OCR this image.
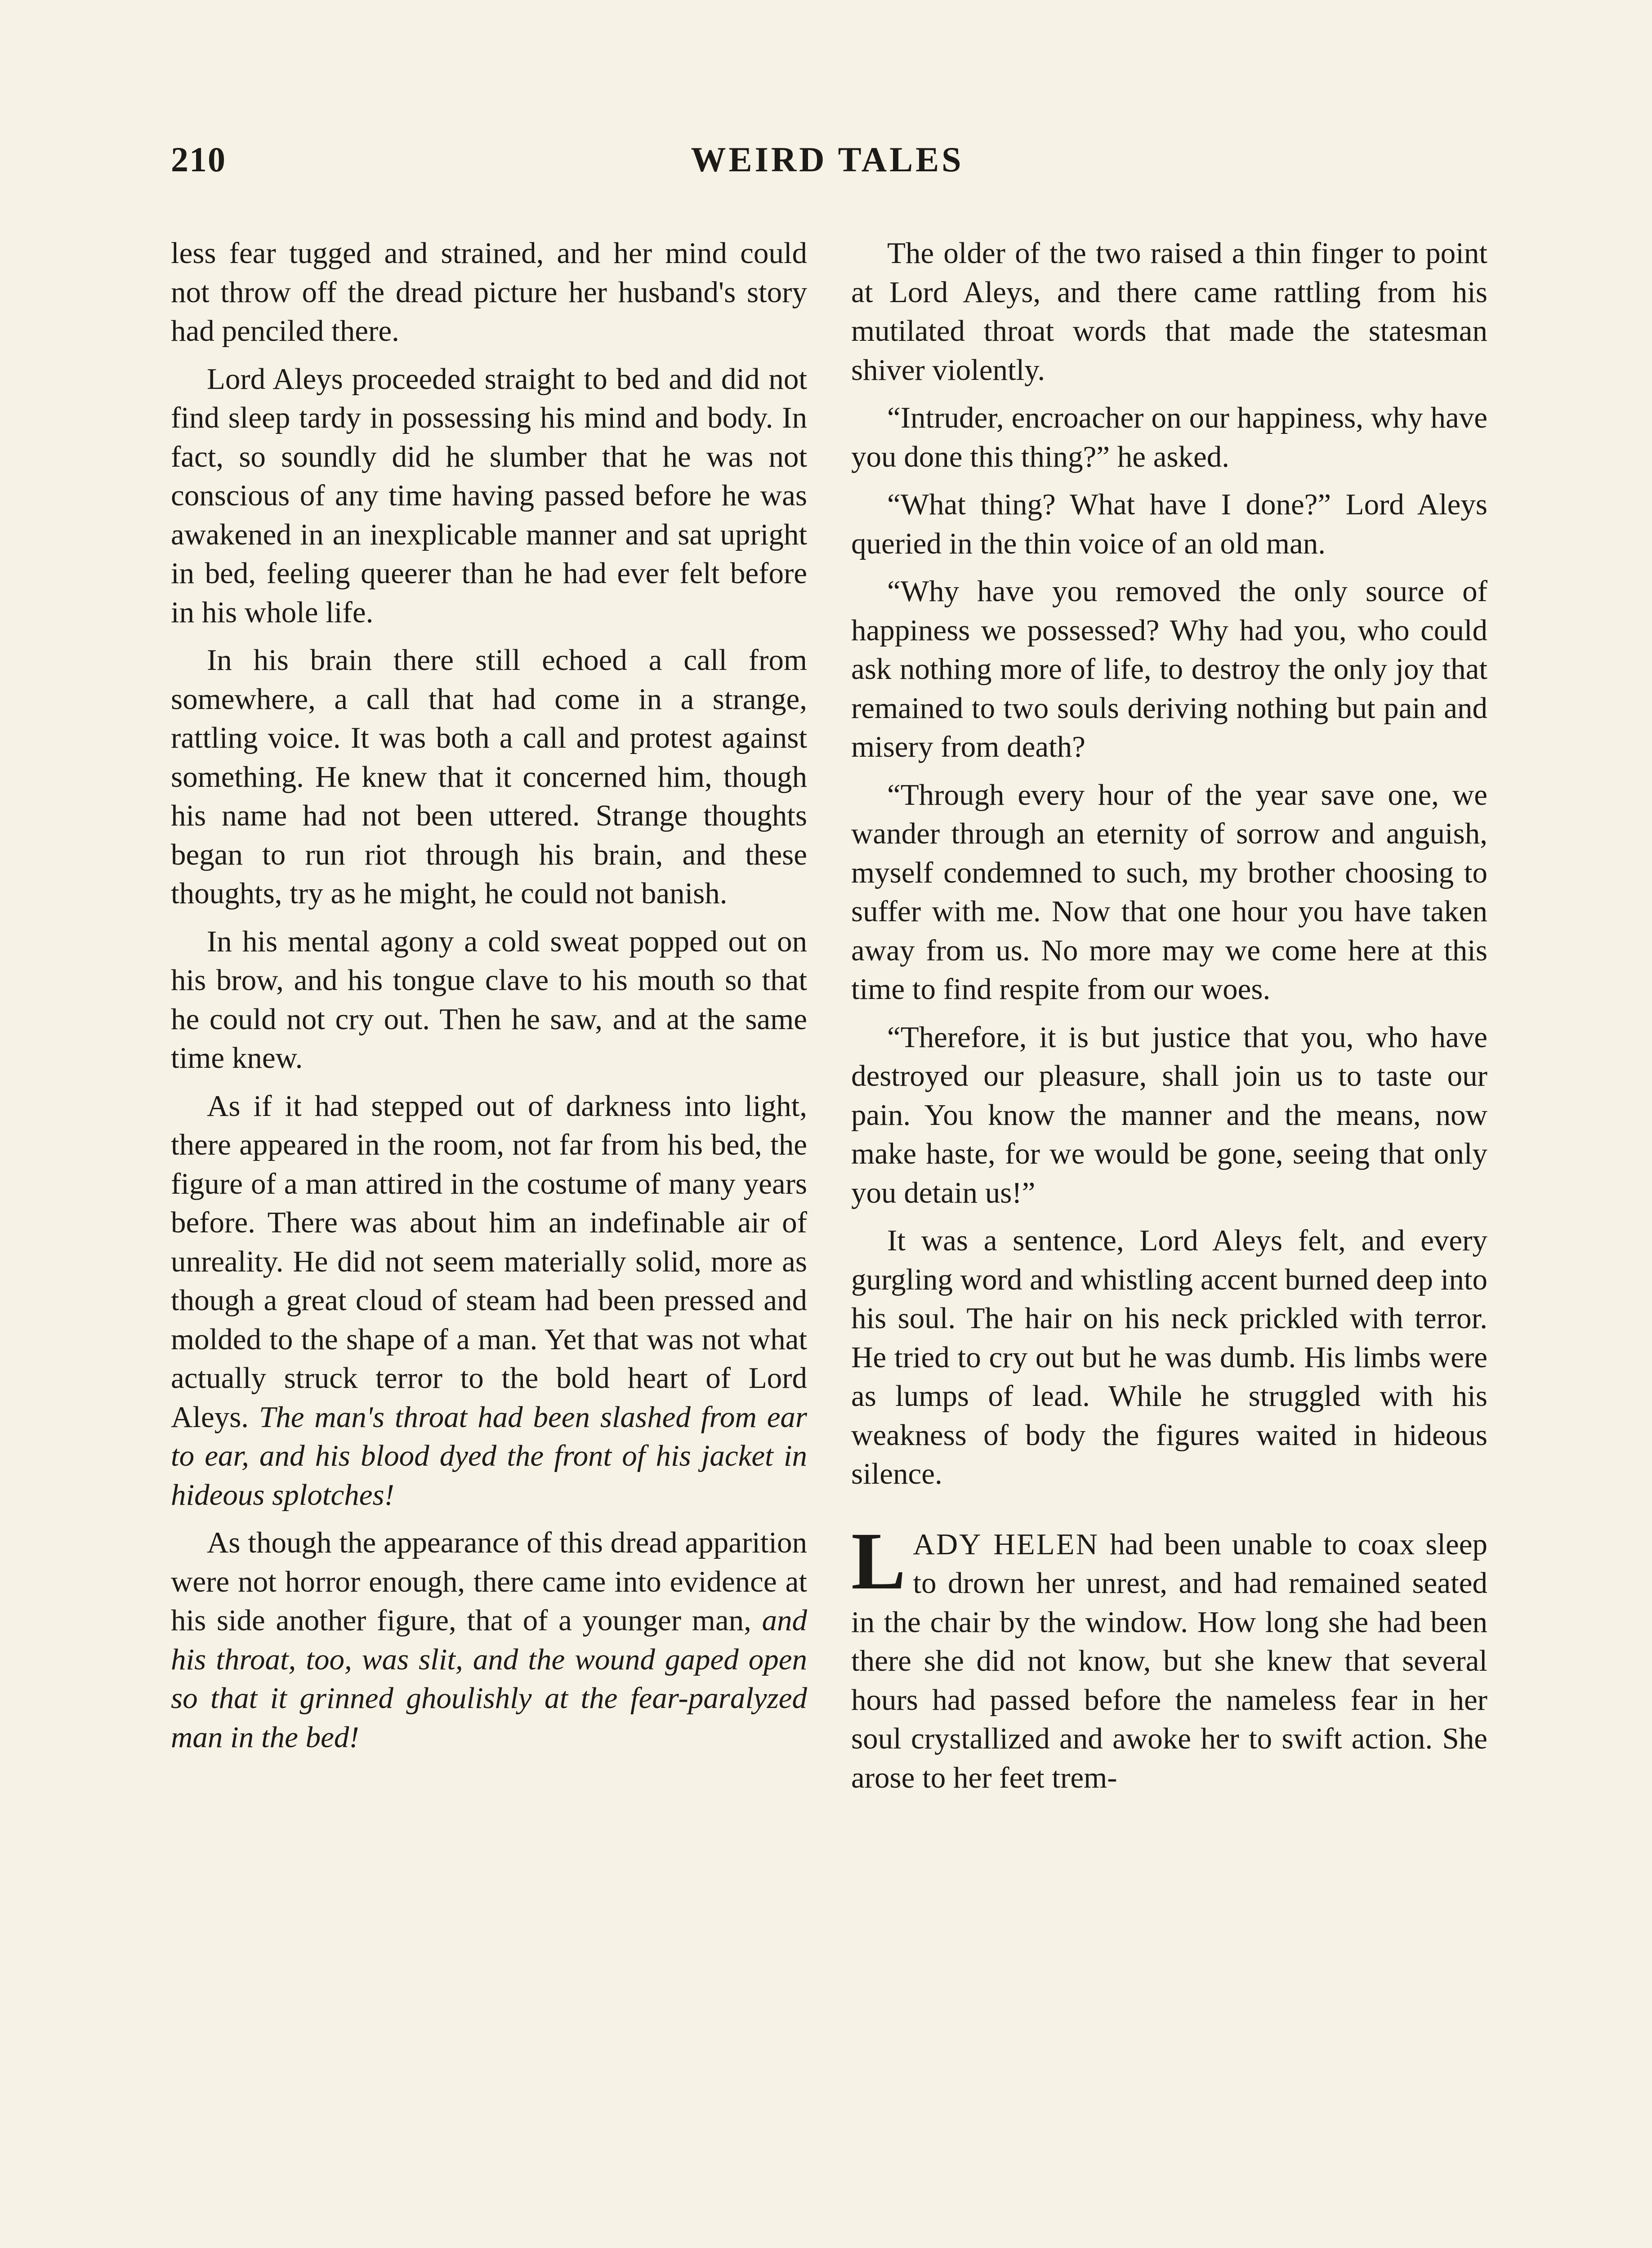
210	WEIRD TALES

less fear tugged and strained, and her mind could not throw off the dread picture her husband's story had penciled there.

Lord Aleys proceeded straight to bed and did not find sleep tardy in possessing his mind and body. In fact, so soundly did he slumber that he was not conscious of any time having passed before he was awakened in an inexplicable manner and sat upright in bed, feeling queerer than he had ever felt before in his whole life.

In his brain there still echoed a call from somewhere, a call that had come in a strange, rattling voice. It was both a call and protest against something. He knew that it concerned him, though his name had not been uttered. Strange thoughts began to run riot through his brain, and these thoughts, try as he might, he could not banish.

In his mental agony a cold sweat popped out on his brow, and his tongue clave to his mouth so that he could not cry out. Then he saw, and at the same time knew.

As if it had stepped out of darkness into light, there appeared in the room, not far from his bed, the figure of a man attired in the costume of many years before. There was about him an indefinable air of unreality. He did not seem materially solid, more as though a great cloud of steam had been pressed and molded to the shape of a man. Yet that was not what actually struck terror to the bold heart of Lord Aleys. The man's throat had been slashed from ear to ear, and his blood dyed the front of his jacket in hideous splotches!

As though the appearance of this dread apparition were not horror enough, there came into evidence at his side another figure, that of a younger man, and his throat, too, was slit, and the wound gaped open so that it grinned ghoulishly at the fear-paralyzed man in the bed!

The older of the two raised a thin finger to point at Lord Aleys, and there came rattling from his mutilated throat words that made the statesman shiver violently.

“Intruder, encroacher on our happiness, why have you done this thing?” he asked.

“What thing? What have I done?” Lord Aleys queried in the thin voice of an old man.

“Why have you removed the only source of happiness we possessed? Why had you, who could ask nothing more of life, to destroy the only joy that remained to two souls deriving nothing but pain and misery from death?

“Through every hour of the year save one, we wander through an eternity of sorrow and anguish, myself condemned to such, my brother choosing to suffer with me. Now that one hour you have taken away from us. No more may we come here at this time to find respite from our woes.

“Therefore, it is but justice that you, who have destroyed our pleasure, shall join us to taste our pain. You know the manner and the means, now make haste, for we would be gone, seeing that only you detain us!”

It was a sentence, Lord Aleys felt, and every gurgling word and whistling accent burned deep into his soul. The hair on his neck prickled with terror. He tried to cry out but he was dumb. His limbs were as lumps of lead. While he struggled with his weakness of body the figures waited in hideous silence.

LADY HELEN had been unable to coax sleep to drown her unrest, and had remained seated in the chair by the window. How long she had been there she did not know, but she knew that several hours had passed before the nameless fear in her soul crystallized and awoke her to swift action. She arose to her feet trem-
